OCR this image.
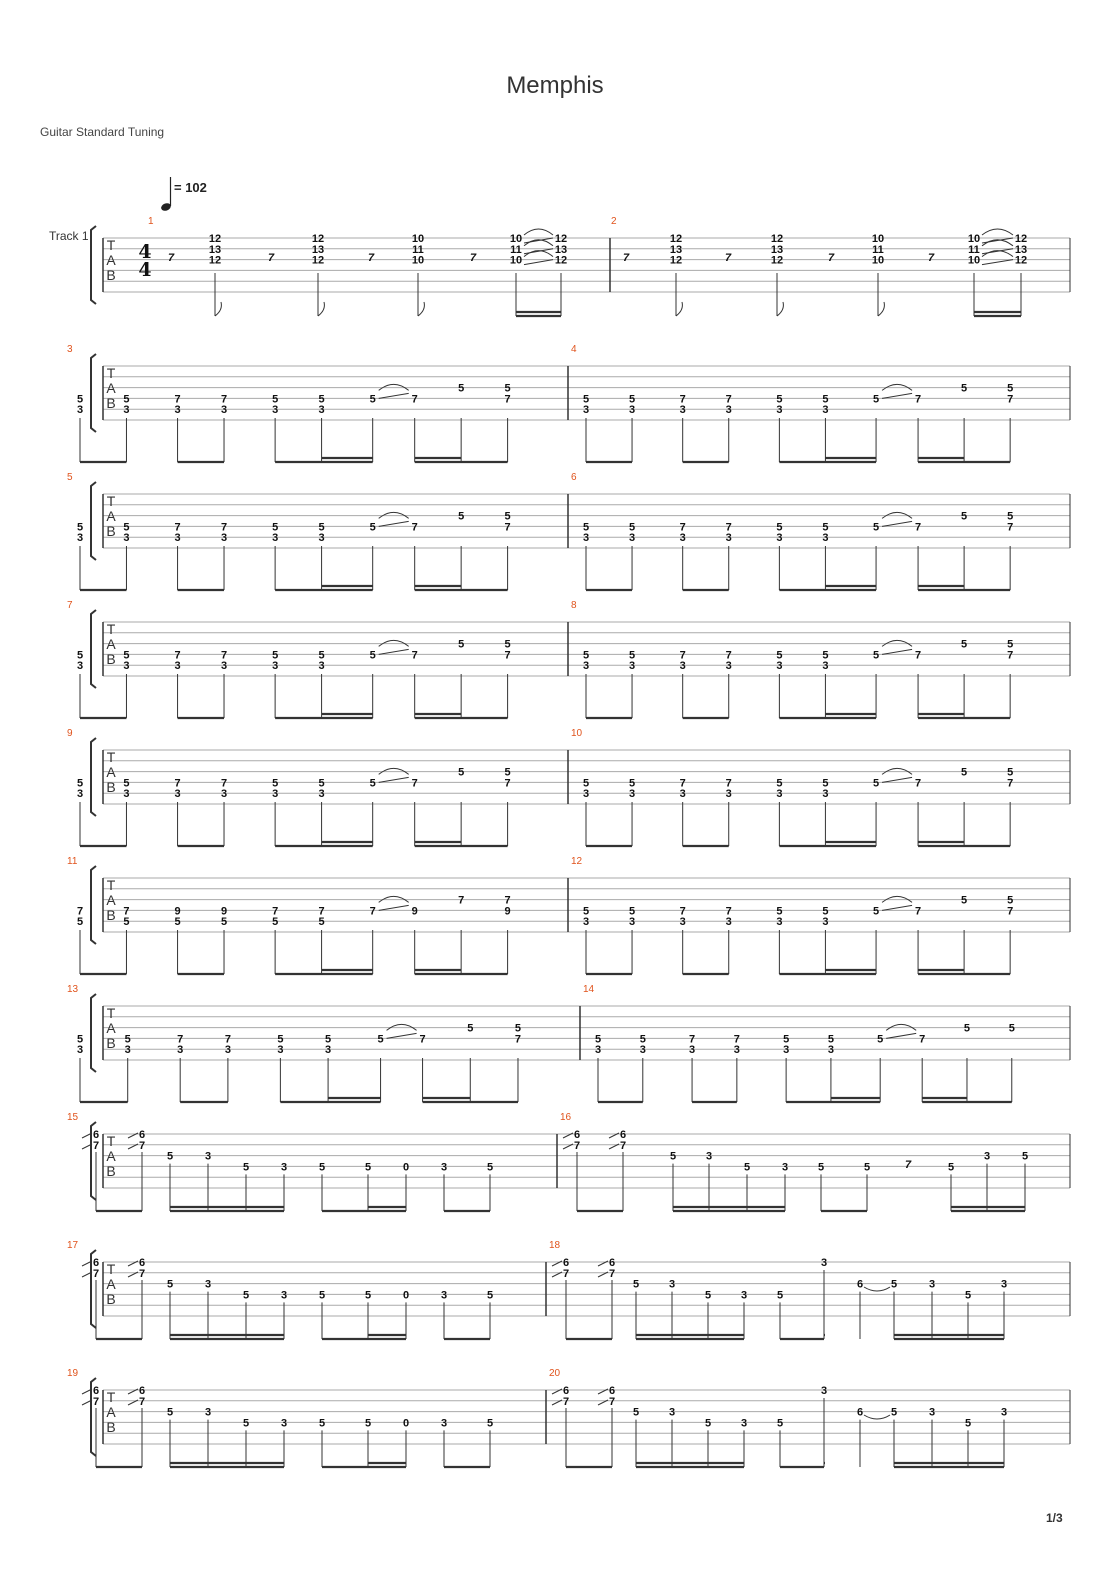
Memphis
Guitar Standard Tuning
= 102
Track 1
1/3
T
A
B
4
4
1	2
T
A
B
3	4
T
A
B
5	6
T
A
B
7	8
T
A
B
9	10
T
A
B
11	12
T
A
B
13	14
T
A
B
15	16
T
A
B
17	18
T
A
B
19	20
7
12
13
12	7
12
13
12	7
10
11
10	7
10
11
10
12
13
12	7
12
13
12	7
12
13
12	7
10
11
10	7
10
11
10
12
13
12
5
3
5
3
7
3
7
3
5
3
5
3
5	7
5	5
7	5
3
5
3
7
3
7
3
5
3
5
3
5	7
5	5
7
5
3
5
3
7
3
7
3
5
3
5
3
5	7
5	5
7	5
3
5
3
7
3
7
3
5
3
5
3
5	7
5	5
7
5
3
5
3
7
3
7
3
5
3
5
3
5	7
5	5
7	5
3
5
3
7
3
7
3
5
3
5
3
5	7
5	5
7
5
3
5
3
7
3
7
3
5
3
5
3
5	7
5	5
7	5
3
5
3
7
3
7
3
5
3
5
3
5	7
5	5
7
7
5
7
5
9
5
9
5
7
5
7
5
7	9
7	7
9	5
3
5
3
7
3
7
3
5
3
5
3
5	7
5	5
7
5
3
5
3
7
3
7
3
5
3
5
3
5	7
5	5
7	5
3
5
3
7
3
7
3
5
3
5
3
5	7
5	5
6
7
6
7
5	3
5	3	5	5	0	3	5
6
7
6
7
5	3
5	3	5	5	5
3	5
7
6
7
6
7
5	3
5	3	5	5	0	3	5
6
7
6
7
5	3
5	3	5
3
6	5	3
5
3
6
7
6
7
5	3
5	3	5	5	0	3	5
6
7
6
7
5	3
5	3	5
3
6	5	3
5
3
